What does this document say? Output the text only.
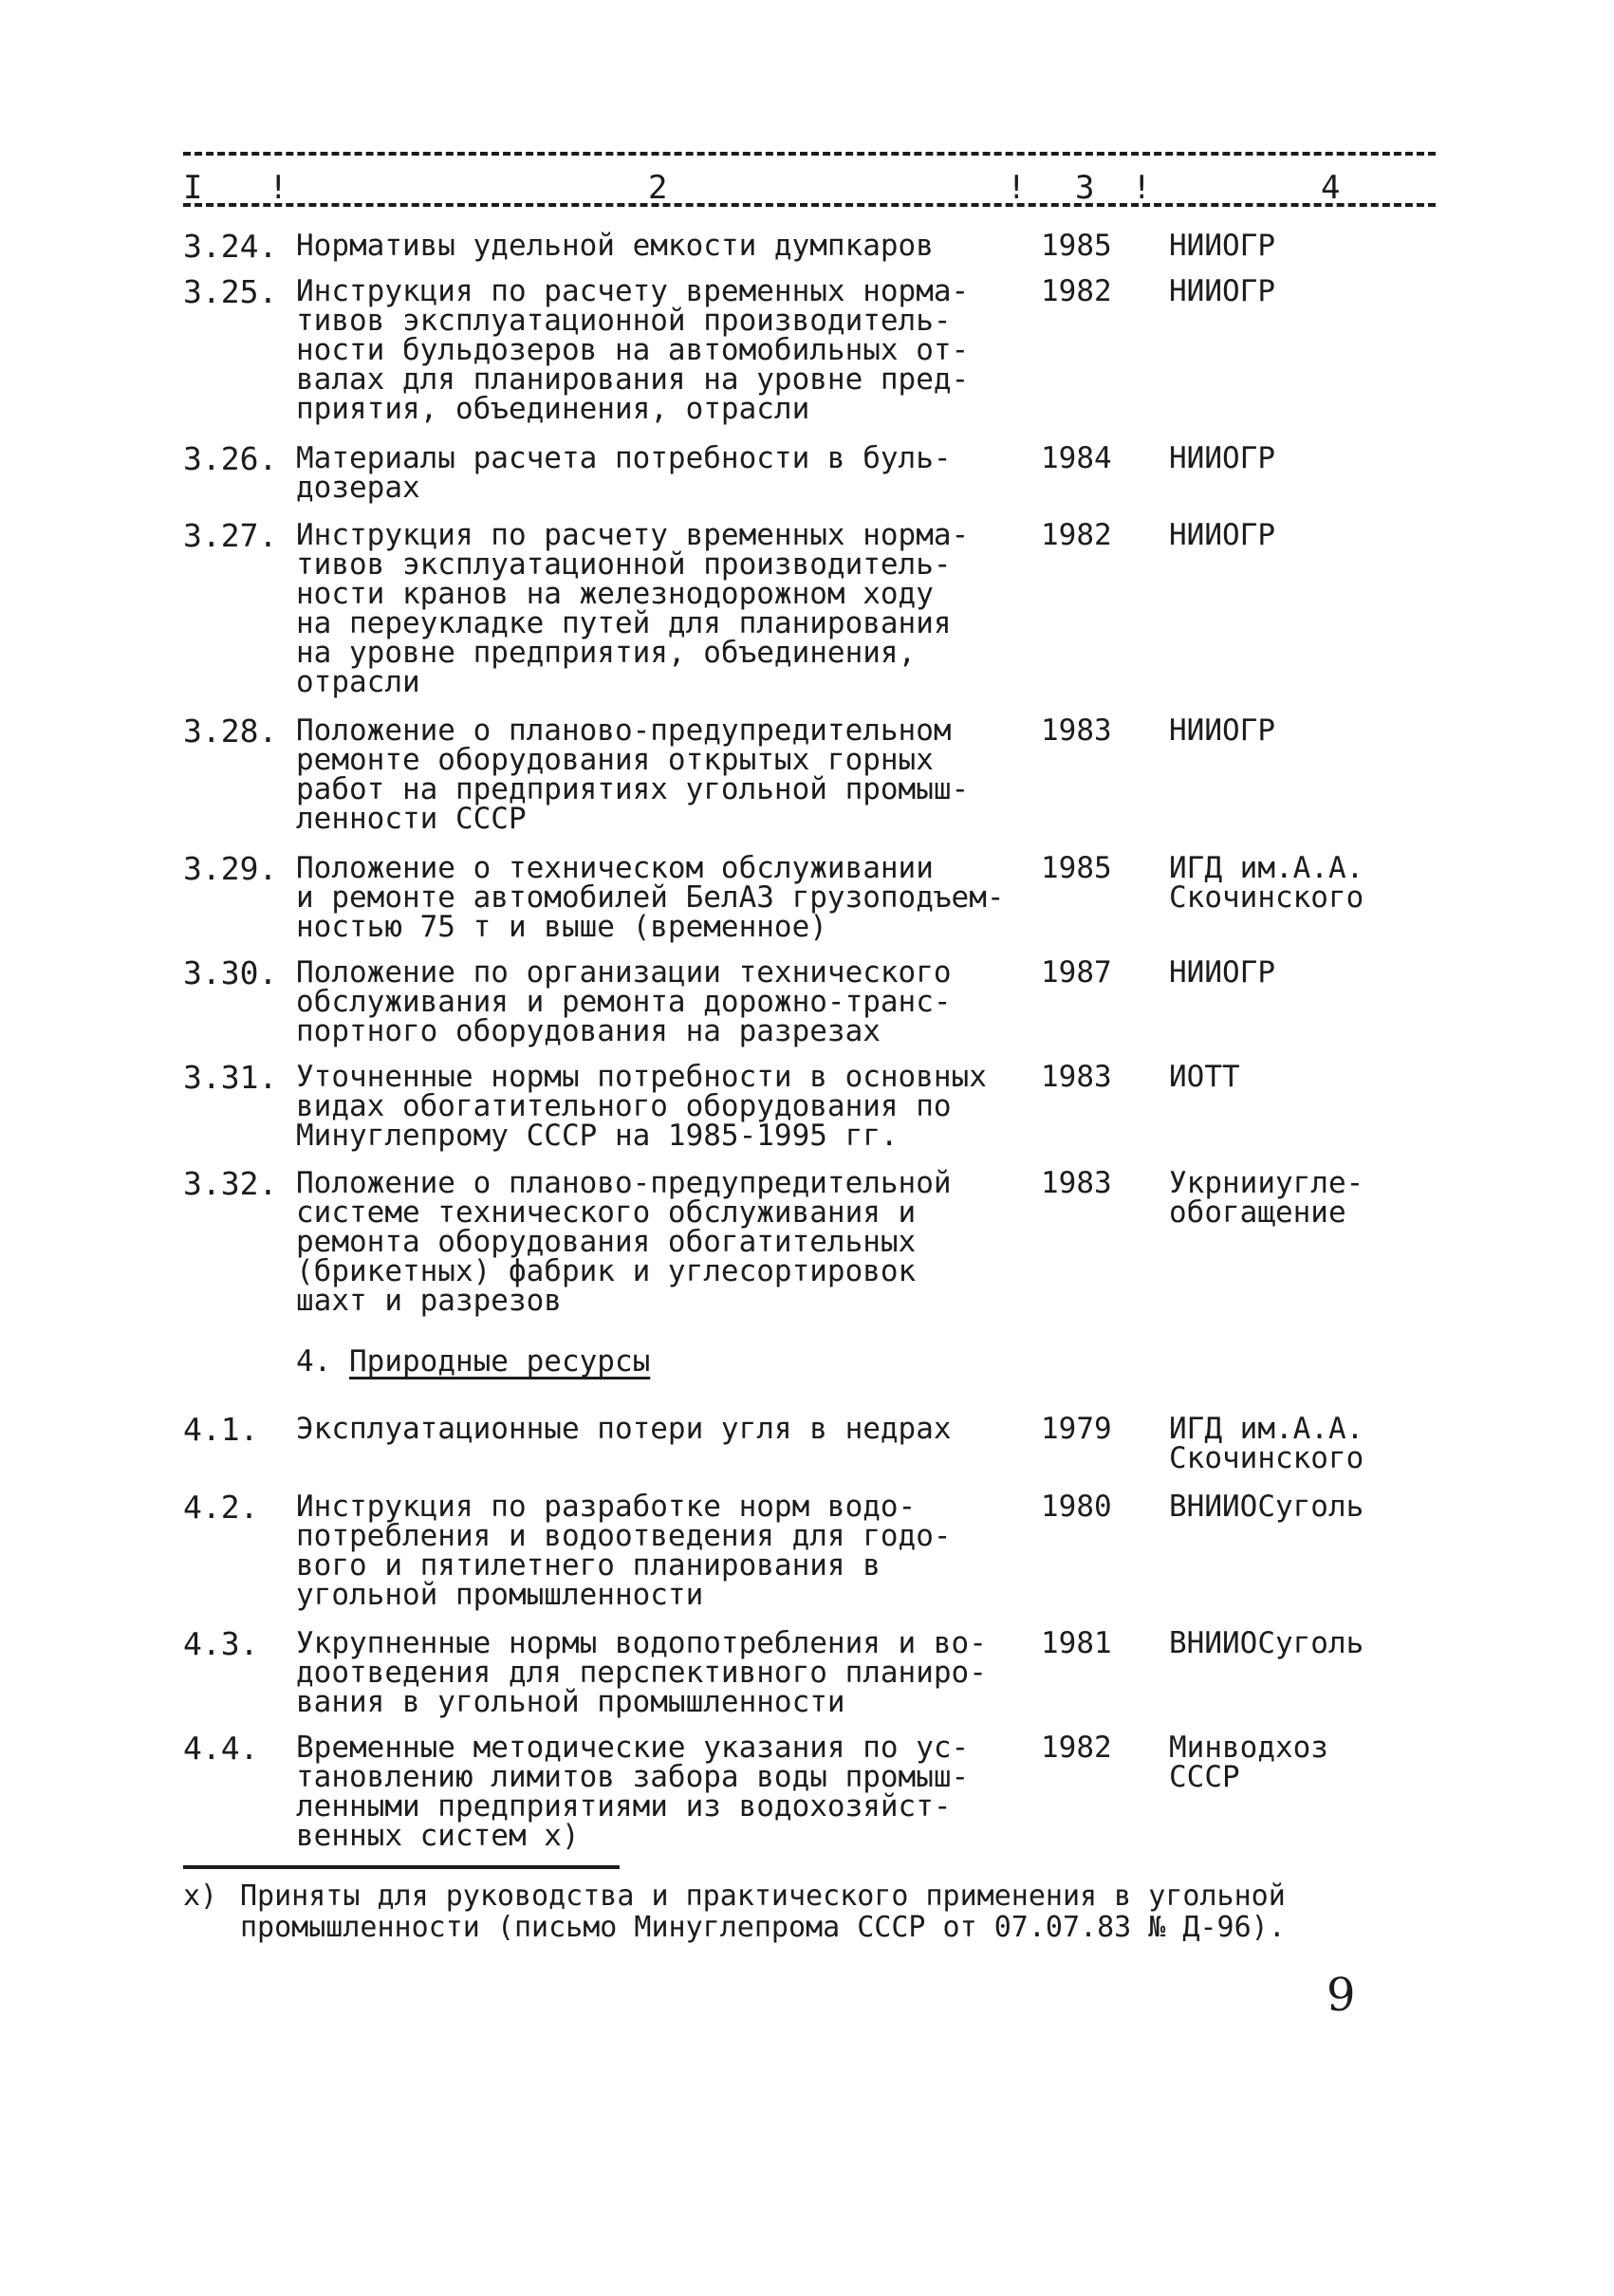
I !	2	! 3 !	4
3.24. Нормативы удельной емкости думпкаров	1985	НИИОГР
3.25. Инструкция по расчету временных норма-
тивов эксплуатационной производитель-
ности бульдозеров на автомобильных от-
валах для планирования на уровне пред-
приятия, объединения, отрасли
1982	НИИОГР
3.26. Материалы расчета потребности в буль-
дозерах
1984	НИИОГР
3.27. Инструкция по расчету временных норма-
тивов эксплуатационной производитель-
ности кранов на железнодорожном ходу
на переукладке путей для планирования
на уровне предприятия, объединения,
отрасли
1982	НИИОГР
3.28. Положение о планово-предупредительном
ремонте оборудования открытых горных
работ на предприятиях угольной промыш-
ленности СССР
1983	НИИОГР
3.29. Положение о техническом обслуживании
и ремонте автомобилей БелАЗ грузоподъем-
ностью 75 т и выше (временное)
1985	ИГД им.А.А.
Скочинского
3.30. Положение по организации технического
обслуживания и ремонта дорожно-транс-
портного оборудования на разрезах
1987	НИИОГР
3.31. Уточненные нормы потребности в основных
видах обогатительного оборудования по
Минуглепрому СССР на 1985-1995 гг.
1983	ИОТТ
3.32. Положение о планово-предупредительной
системе технического обслуживания и
ремонта оборудования обогатительных
(брикетных) фабрик и углесортировок
шахт и разрезов
1983	Укрнииугле-
обогащение
4. Природные ресурсы
4.1.	Эксплуатационные потери угля в недрах	1979	ИГД им.А.А.
Скочинского
4.2.	Инструкция по разработке норм водо-
потребления и водоотведения для годо-
вого и пятилетнего планирования в
угольной промышленности
1980	ВНИИОСуголь
4.3.	Укрупненные нормы водопотребления и во-
доотведения для перспективного планиро-
вания в угольной промышленности
1981	ВНИИОСуголь
4.4.	Временные методические указания по ус-
тановлению лимитов забора воды промыш-
ленными предприятиями из водохозяйст-
венных систем х)
1982	Минводхоз
СССР
х) Приняты для руководства и практического применения в угольной
промышленности (письмо Минуглепрома СССР от 07.07.83 № Д-96).
9
